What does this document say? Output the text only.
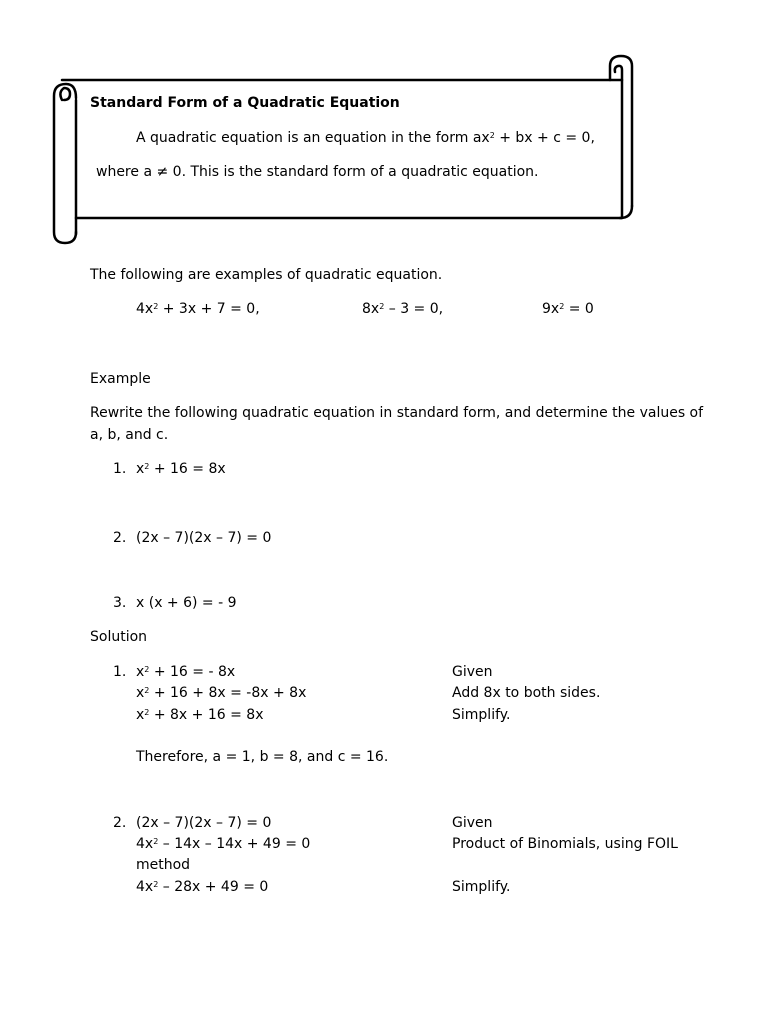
Standard Form of a Quadratic Equation
A quadratic equation is an equation in the form $ax^2$ + bx + c = 0,
where a ≠ 0. This is the standard form of a quadratic equation.
The following are examples of quadratic equation.
$4x^2 + 3x + 7 = 0$,	$8x^2 - 3 = 0$,	$9x^2 = 0$
Example
Rewrite the following quadratic equation in standard form, and determine the values of
a, b, and c.
1. $x^2 + 16 = 8x$
2. (2x – 7)(2x – 7) = 0
3. x (x + 6) = - 9
Solution
1. $x^2 + 16$ = - 8x	Given
$x^2 + 16 + 8x = -8x + 8x$	Add 8x to both sides.
$x^2 + 8x + 16 = 8x$	Simplify.
Therefore, a = 1, b = 8, and c = 16.
2. (2x – 7)(2x – 7) = 0	Given
$4x^2 - 14x - 14x + 49 = 0$	Product of Binomials, using FOIL
method
$4x^2 - 28x + 49 = 0$	Simplify.
